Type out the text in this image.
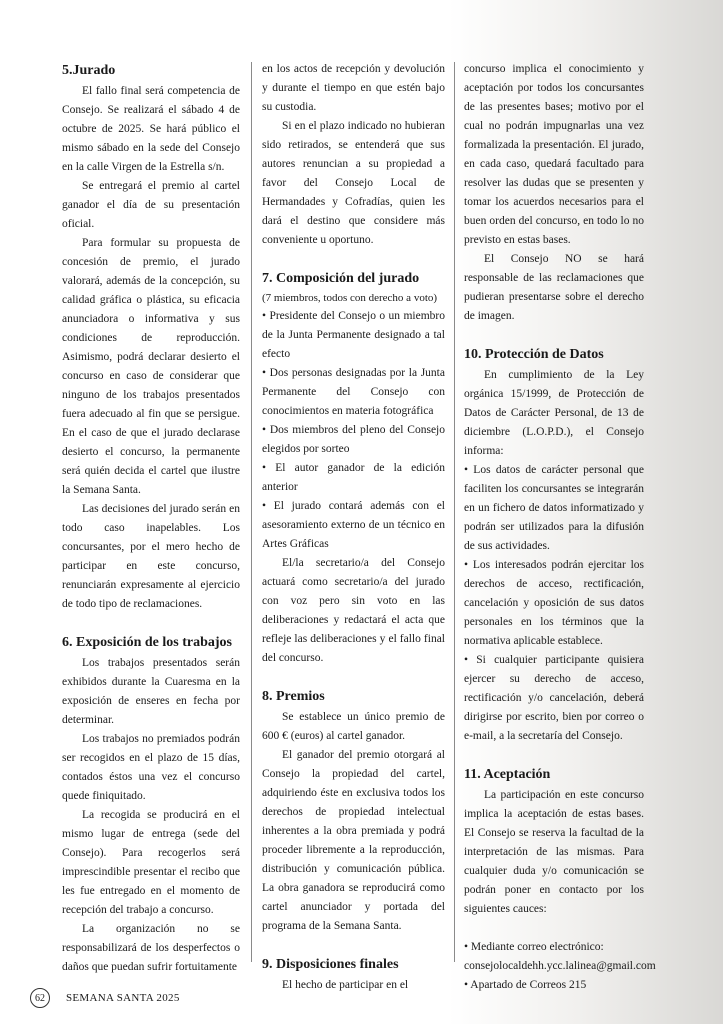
5.Jurado

El fallo final será competencia de Consejo. Se realizará el sábado 4 de octubre de 2025. Se hará público el mismo sábado en la sede del Consejo en la calle Virgen de la Estrella s/n.

Se entregará el premio al cartel ganador el día de su presentación oficial.

Para formular su propuesta de concesión de premio, el jurado valorará, además de la concepción, su calidad gráfica o plástica, su eficacia anunciadora o informativa y sus condiciones de reproducción. Asimismo, podrá declarar desierto el concurso en caso de considerar que ninguno de los trabajos presentados fuera adecuado al fin que se persigue. En el caso de que el jurado declarase desierto el concurso, la permanente será quién decida el cartel que ilustre la Semana Santa.

Las decisiones del jurado serán en todo caso inapelables. Los concursantes, por el mero hecho de participar en este concurso, renunciarán expresamente al ejercicio de todo tipo de reclamaciones.

6. Exposición de los trabajos

Los trabajos presentados serán exhibidos durante la Cuaresma en la exposición de enseres en fecha por determinar.

Los trabajos no premiados podrán ser recogidos en el plazo de 15 días, contados éstos una vez el concurso quede finiquitado.

La recogida se producirá en el mismo lugar de entrega (sede del Consejo). Para recogerlos será imprescindible presentar el recibo que les fue entregado en el momento de recepción del trabajo a concurso.

La organización no se responsabilizará de los desperfectos o daños que puedan sufrir fortuitamente

en los actos de recepción y devolución y durante el tiempo en que estén bajo su custodia.

Si en el plazo indicado no hubieran sido retirados, se entenderá que sus autores renuncian a su propiedad a favor del Consejo Local de Hermandades y Cofradías, quien les dará el destino que considere más conveniente u oportuno.

7. Composición del jurado
(7 miembros, todos con derecho a voto)

• Presidente del Consejo o un miembro de la Junta Permanente designado a tal efecto

• Dos personas designadas por la Junta Permanente del Consejo con conocimientos en materia fotográfica

• Dos miembros del pleno del Consejo elegidos por sorteo

• El autor ganador de la edición anterior

• El jurado contará además con el asesoramiento externo de un técnico en Artes Gráficas

El/la secretario/a del Consejo actuará como secretario/a del jurado con voz pero sin voto en las deliberaciones y redactará el acta que refleje las deliberaciones y el fallo final del concurso.

8. Premios

Se establece un único premio de 600 € (euros) al cartel ganador.

El ganador del premio otorgará al Consejo la propiedad del cartel, adquiriendo éste en exclusiva todos los derechos de propiedad intelectual inherentes a la obra premiada y podrá proceder libremente a la reproducción, distribución y comunicación pública. La obra ganadora se reproducirá como cartel anunciador y portada del programa de la Semana Santa.

9. Disposiciones finales

El hecho de participar en el

concurso implica el conocimiento y aceptación por todos los concursantes de las presentes bases; motivo por el cual no podrán impugnarlas una vez formalizada la presentación. El jurado, en cada caso, quedará facultado para resolver las dudas que se presenten y tomar los acuerdos necesarios para el buen orden del concurso, en todo lo no previsto en estas bases.

El Consejo NO se hará responsable de las reclamaciones que pudieran presentarse sobre el derecho de imagen.

10. Protección de Datos

En cumplimiento de la Ley orgánica 15/1999, de Protección de Datos de Carácter Personal, de 13 de diciembre (L.O.P.D.), el Consejo informa:

• Los datos de carácter personal que faciliten los concursantes se integrarán en un fichero de datos informatizado y podrán ser utilizados para la difusión de sus actividades.

• Los interesados podrán ejercitar los derechos de acceso, rectificación, cancelación y oposición de sus datos personales en los términos que la normativa aplicable establece.

• Si cualquier participante quisiera ejercer su derecho de acceso, rectificación y/o cancelación, deberá dirigirse por escrito, bien por correo o e-mail, a la secretaría del Consejo.

11. Aceptación

La participación en este concurso implica la aceptación de estas bases. El Consejo se reserva la facultad de la interpretación de las mismas. Para cualquier duda y/o comunicación se podrán poner en contacto por los siguientes cauces:

• Mediante correo electrónico:

consejolocaldehh.ycc.lalinea@gmail.com

• Apartado de Correos 215

62	SEMANA SANTA 2025
